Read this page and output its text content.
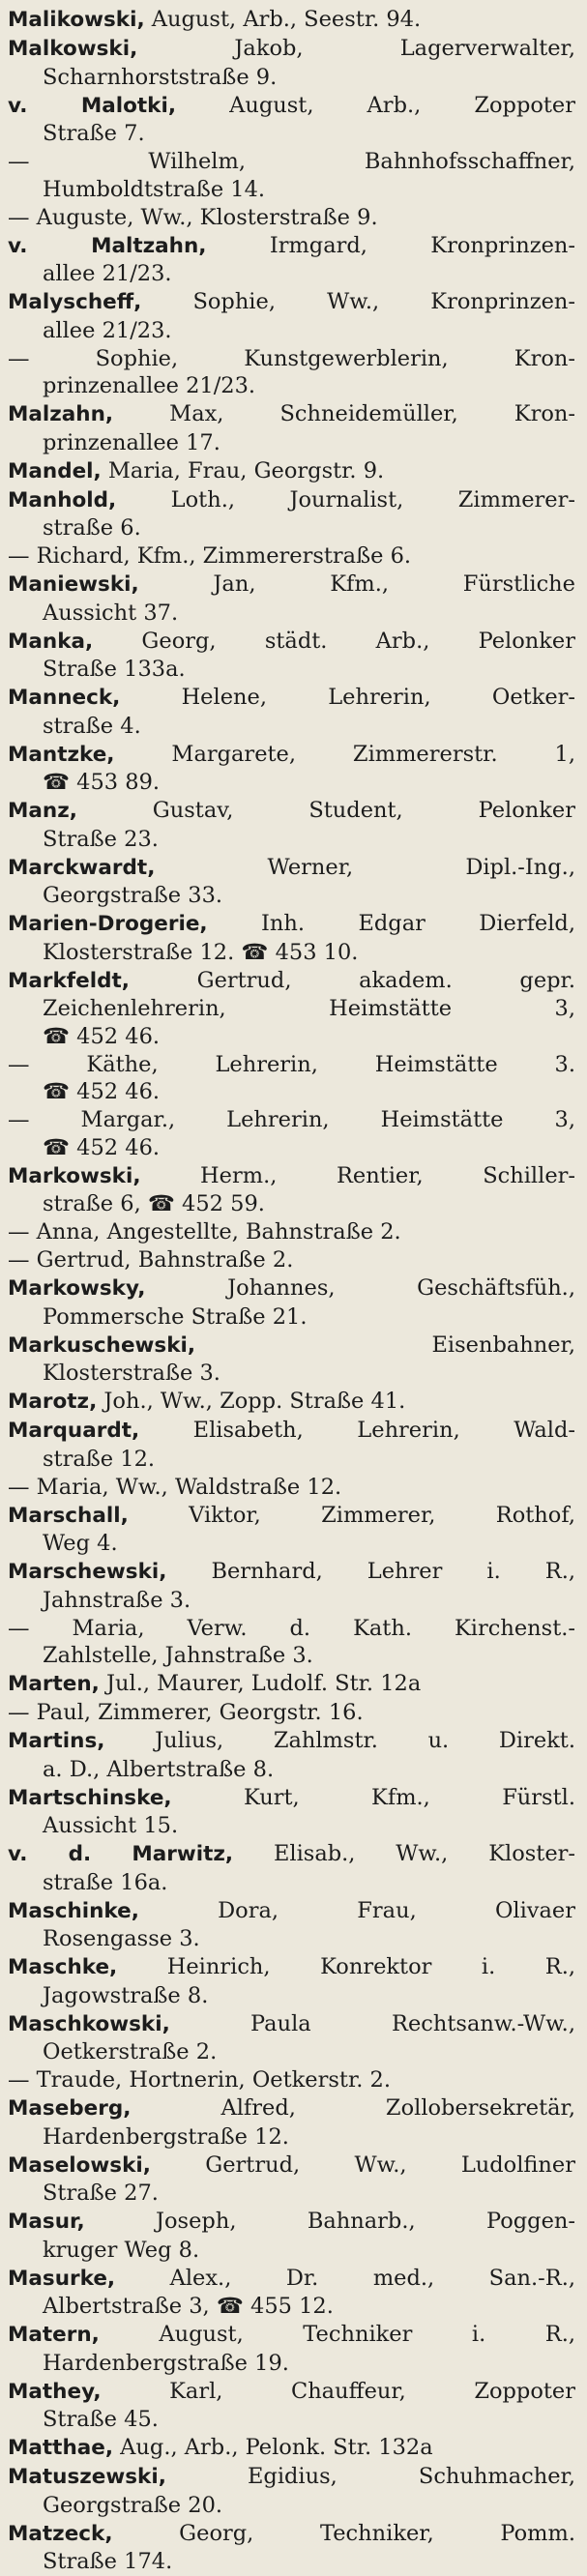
Malikowski, August, Arb., Seestr. 94.
Malkowski, Jakob, Lagerverwalter,
Scharnhorststraße 9.
v. Malotki, August, Arb., Zoppoter
Straße 7.
— Wilhelm, Bahnhofsschaffner,
Humboldtstraße 14.
— Auguste, Ww., Klosterstraße 9.
v. Maltzahn, Irmgard, Kronprinzen-
allee 21/23.
Malyscheff, Sophie, Ww., Kronprinzen-
allee 21/23.
— Sophie, Kunstgewerblerin, Kron-
prinzenallee 21/23.
Malzahn, Max, Schneidemüller, Kron-
prinzenallee 17.
Mandel, Maria, Frau, Georgstr. 9.
Manhold, Loth., Journalist, Zimmerer-
straße 6.
— Richard, Kfm., Zimmererstraße 6.
Maniewski, Jan, Kfm., Fürstliche
Aussicht 37.
Manka, Georg, städt. Arb., Pelonker
Straße 133a.
Manneck, Helene, Lehrerin, Oetker-
straße 4.
Mantzke, Margarete, Zimmererstr. 1,
☎ 453 89.
Manz, Gustav, Student, Pelonker
Straße 23.
Marckwardt, Werner, Dipl.-Ing.,
Georgstraße 33.
Marien-Drogerie, Inh. Edgar Dierfeld,
Klosterstraße 12. ☎ 453 10.
Markfeldt, Gertrud, akadem. gepr.
Zeichenlehrerin, Heimstätte 3,
☎ 452 46.
— Käthe, Lehrerin, Heimstätte 3.
☎ 452 46.
— Margar., Lehrerin, Heimstätte 3,
☎ 452 46.
Markowski, Herm., Rentier, Schiller-
straße 6, ☎ 452 59.
— Anna, Angestellte, Bahnstraße 2.
— Gertrud, Bahnstraße 2.
Markowsky, Johannes, Geschäftsfüh.,
Pommersche Straße 21.
Markuschewski, Eisenbahner,
Klosterstraße 3.
Marotz, Joh., Ww., Zopp. Straße 41.
Marquardt, Elisabeth, Lehrerin, Wald-
straße 12.
— Maria, Ww., Waldstraße 12.
Marschall, Viktor, Zimmerer, Rothof,
Weg 4.
Marschewski, Bernhard, Lehrer i. R.,
Jahnstraße 3.
— Maria, Verw. d. Kath. Kirchenst.-
Zahlstelle, Jahnstraße 3.
Marten, Jul., Maurer, Ludolf. Str. 12a
— Paul, Zimmerer, Georgstr. 16.
Martins, Julius, Zahlmstr. u. Direkt.
a. D., Albertstraße 8.
Martschinske, Kurt, Kfm., Fürstl.
Aussicht 15.
v. d. Marwitz, Elisab., Ww., Kloster-
straße 16a.
Maschinke, Dora, Frau, Olivaer
Rosengasse 3.
Maschke, Heinrich, Konrektor i. R.,
Jagowstraße 8.
Maschkowski, Paula Rechtsanw.-Ww.,
Oetkerstraße 2.
— Traude, Hortnerin, Oetkerstr. 2.
Maseberg, Alfred, Zollobersekretär,
Hardenbergstraße 12.
Maselowski, Gertrud, Ww., Ludolfiner
Straße 27.
Masur, Joseph, Bahnarb., Poggen-
kruger Weg 8.
Masurke, Alex., Dr. med., San.-R.,
Albertstraße 3, ☎ 455 12.
Matern, August, Techniker i. R.,
Hardenbergstraße 19.
Mathey, Karl, Chauffeur, Zoppoter
Straße 45.
Matthae, Aug., Arb., Pelonk. Str. 132a
Matuszewski, Egidius, Schuhmacher,
Georgstraße 20.
Matzeck, Georg, Techniker, Pomm.
Straße 174.
